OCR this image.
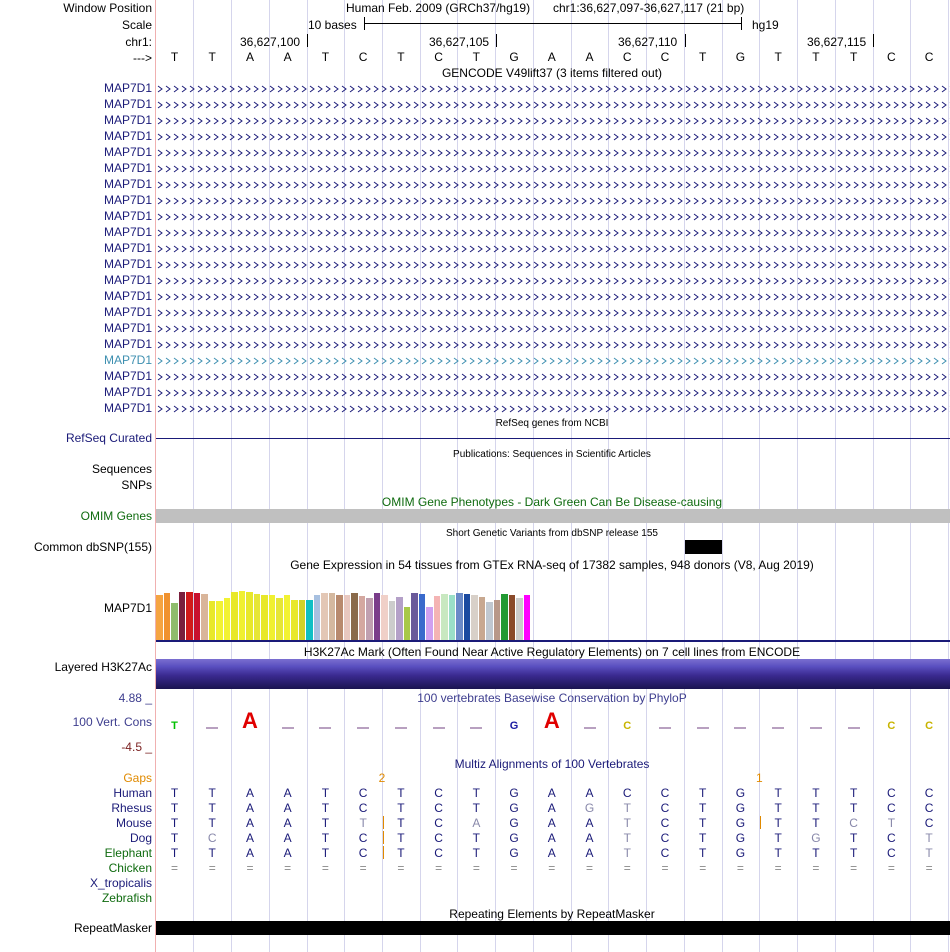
Window Position
Scale
chr1:
--->
Human Feb. 2009 (GRCh37/hg19) chr1:36,627,097-36,627,117 (21 bp)
10 bases	hg19
36,627,100	36,627,105	36,627,110	36,627,115
GENCODE V49lift37 (3 items filtered out)
RefSeq genes from NCBI
RefSeq Curated
Publications: Sequences in Scientific Articles
Sequences
SNPs
OMIM Gene Phenotypes - Dark Green Can Be Disease-causing
OMIM Genes
Short Genetic Variants from dbSNP release 155
Common dbSNP(155)
Gene Expression in 54 tissues from GTEx RNA-seq of 17382 samples, 948 donors (V8, Aug 2019)
MAP7D1
H3K27Ac Mark (Often Found Near Active Regulatory Elements) on 7 cell lines from ENCODE
Layered H3K27Ac
100 vertebrates Basewise Conservation by PhyloP
4.88 _
100 Vert. Cons
-4.5 _
Multiz Alignments of 100 Vertebrates
Gaps
Repeating Elements by RepeatMasker
RepeatMasker
T	T	A A	T C T C T G A A C C T G T	T	T C C
MAP7D1
MAP7D1
MAP7D1
MAP7D1
MAP7D1
MAP7D1
MAP7D1
MAP7D1
MAP7D1
MAP7D1
MAP7D1
MAP7D1
MAP7D1
MAP7D1
MAP7D1
MAP7D1
MAP7D1
MAP7D1
MAP7D1
MAP7D1
MAP7D1
T	A	G A	C	C	C
2	1
Human T	T	A A	T C T C T G A A C C T G T	T	T C C
Rhesus T	T	A A	T C T C T G A G T C T G T	T	T C C
Mouse T	T	A A	T	T	T C A G A A	T C T G T	T C T C
Dog T C A A	T C T C T G A A	T C T G T G T C T
Elephant T	T	A A	T C T C T G A A	T C T G T	T	T C T
Chicken =	=	=	=	=	=	=	=	=	=	=	=	=	=	=	=	=	=	=	=	=
X_tropicalis
Zebrafish
